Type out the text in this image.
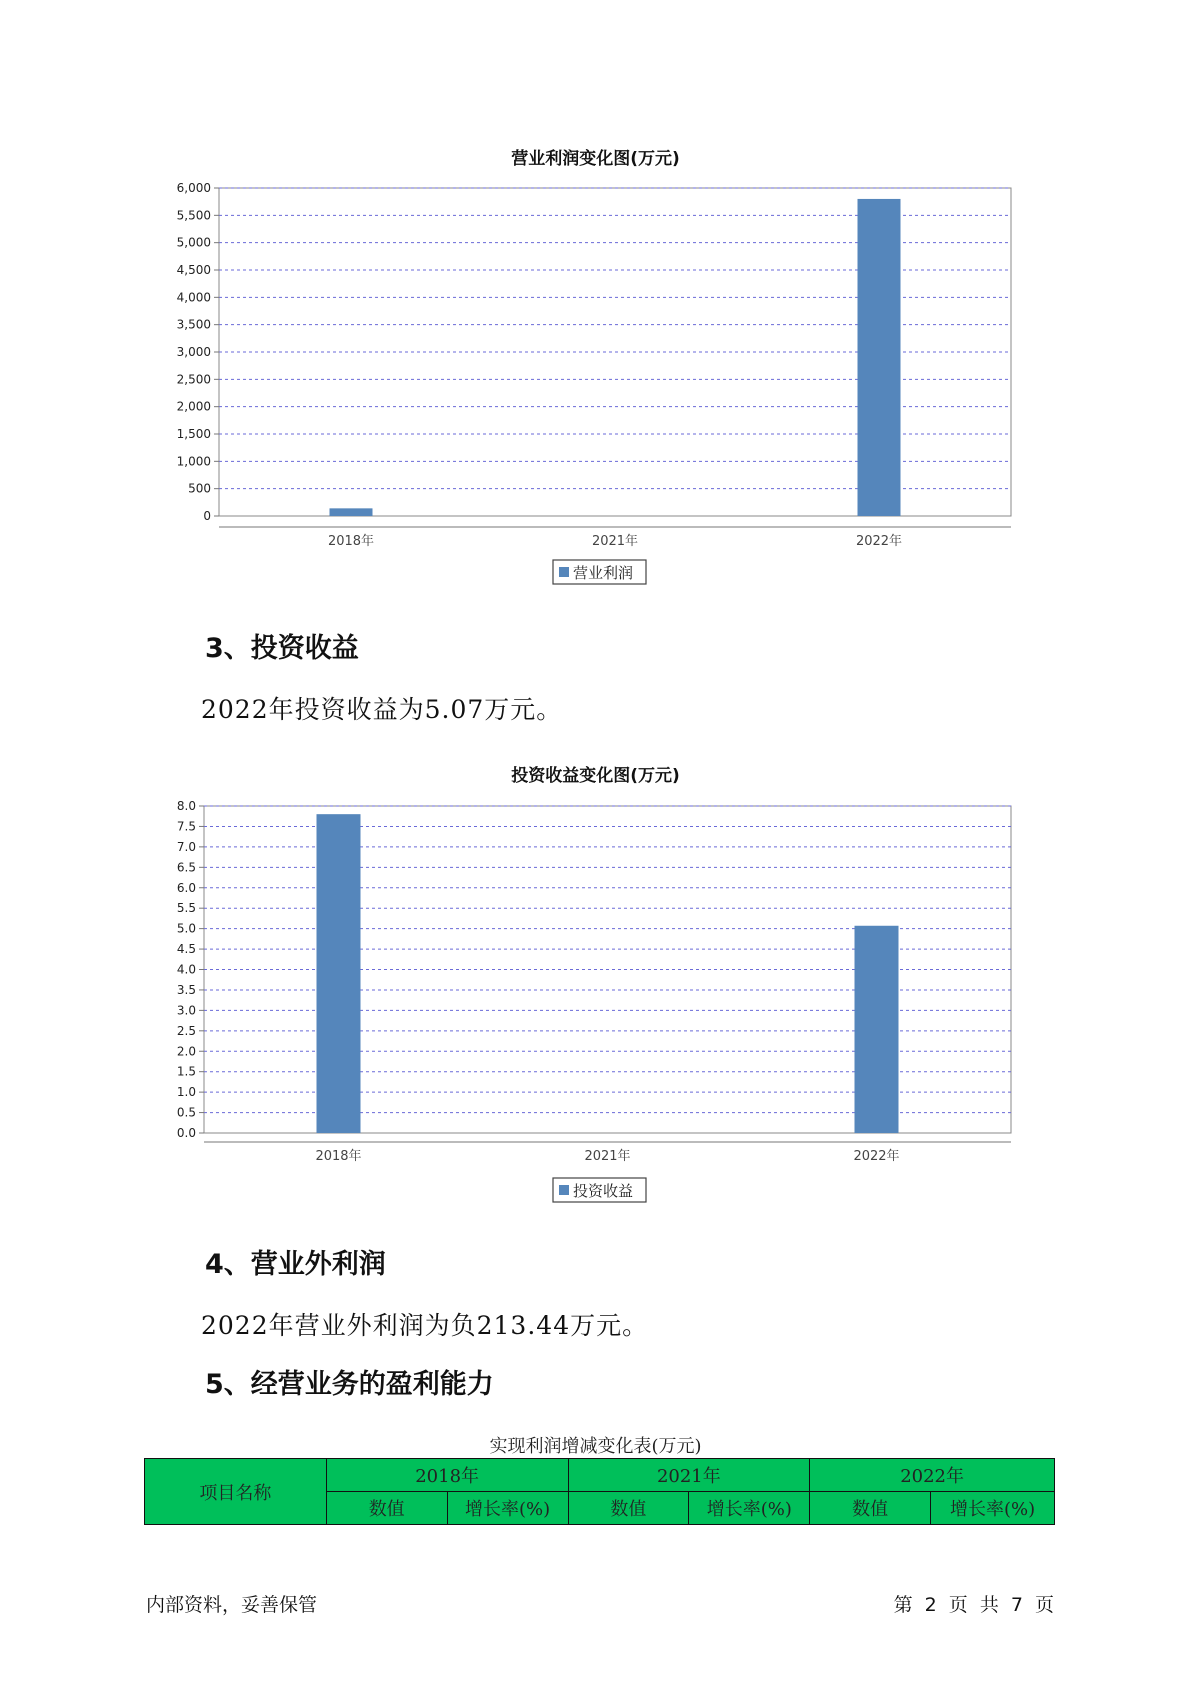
营业利润变化图(万元)
0
500
1,000
1,500
2,000
2,500
3,000
3,500
4,000
4,500
5,000
5,500
6,000
2018年	2021年	2022年
营业利润
3、投资收益

2022年投资收益为5.07万元。

投资收益变化图(万元)
0.0
0.5
1.0
1.5
2.0
2.5
3.0
3.5
4.0
4.5
5.0
5.5
6.0
6.5
7.0
7.5
8.0
2018年	2021年	2022年
投资收益
4、营业外利润

2022年营业外利润为负213.44万元。

5、经营业务的盈利能力
实现利润增减变化表(万元)
项目名称	2018年		2021年		2022年	
	数值	增长率(%)	数值	增长率(%)	数值	增长率(%)
内部资料，妥善保管	第 2 页 共 7 页
